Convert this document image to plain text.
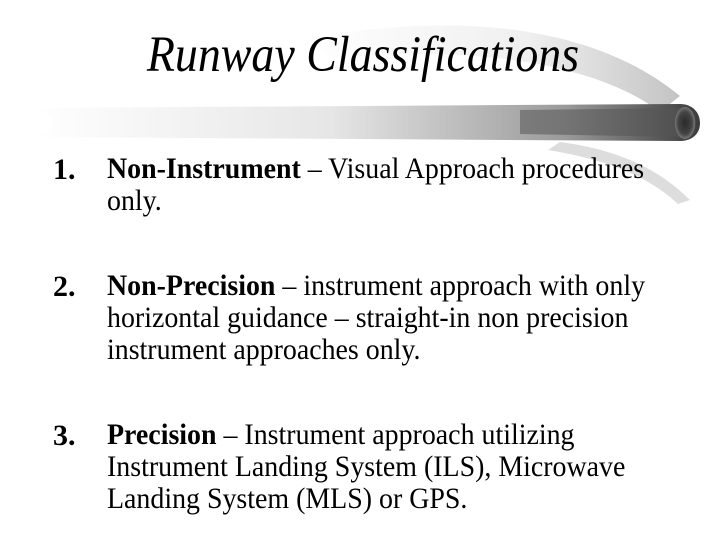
Runway Classifications
1. Non-Instrument – Visual Approach procedures
only.
2. Non-Precision – instrument approach with only
horizontal guidance – straight-in non precision
instrument approaches only.
3. Precision – Instrument approach utilizing
Instrument Landing System (ILS), Microwave
Landing System (MLS) or GPS.
